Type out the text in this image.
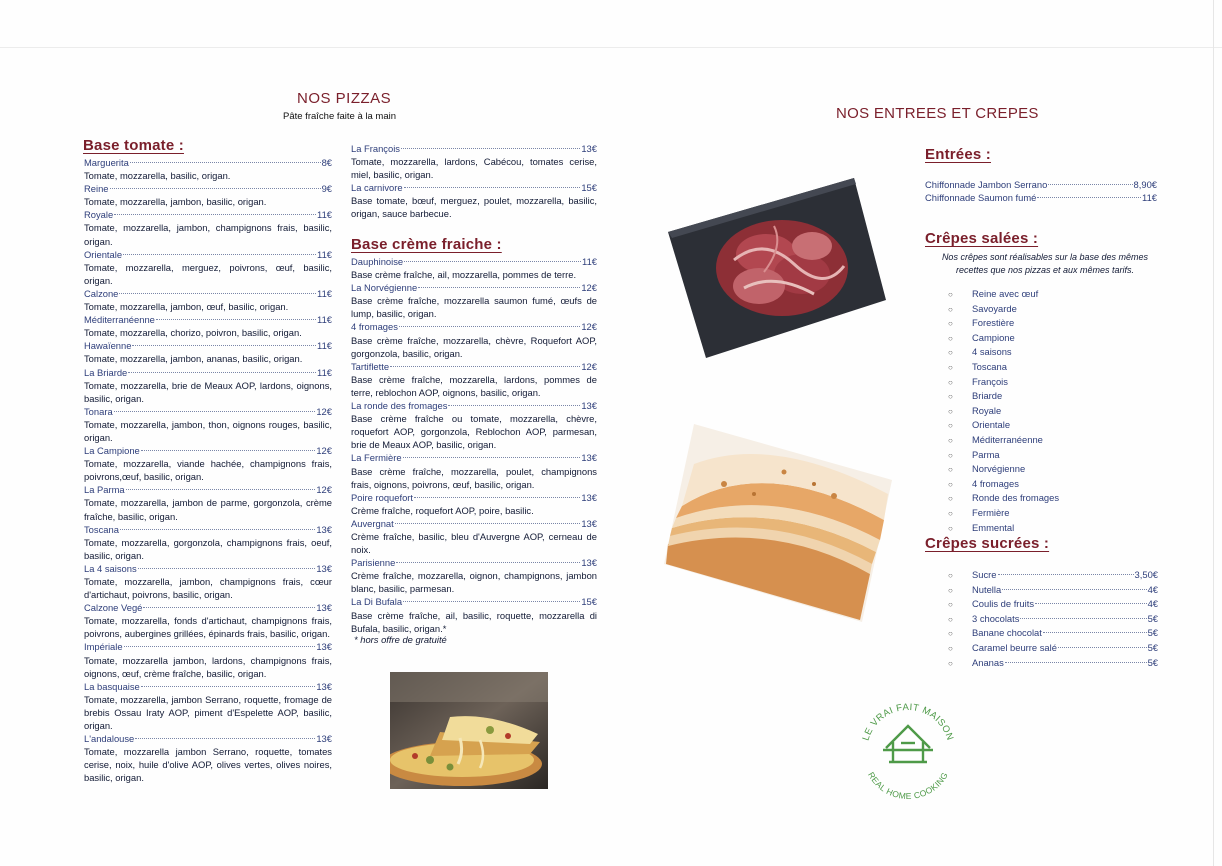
NOS PIZZAS
Pâte fraîche faite à la main
Base tomate :
Marguerita	8€
Tomate, mozzarella, basilic, origan.
Reine	9€
Tomate, mozzarella, jambon, basilic, origan.
Royale	11€
Tomate, mozzarella, jambon, champignons frais, basilic, origan.
Orientale	11€
Tomate, mozzarella, merguez, poivrons, œuf, basilic, origan.
Calzone	11€
Tomate, mozzarella, jambon, œuf, basilic, origan.
Méditerranéenne	11€
Tomate, mozzarella, chorizo, poivron, basilic, origan.
Hawaïenne	11€
Tomate, mozzarella, jambon, ananas, basilic, origan.
La Briarde	11€
Tomate, mozzarella, brie de Meaux AOP, lardons, oignons, basilic, origan.
Tonara	12€
Tomate, mozzarella, jambon, thon, oignons rouges, basilic, origan.
La Campione	12€
Tomate, mozzarella, viande hachée, champignons frais, poivrons,œuf, basilic, origan.
La Parma	12€
Tomate, mozzarella, jambon de parme, gorgonzola, crème fraîche, basilic, origan.
Toscana	13€
Tomate, mozzarella, gorgonzola, champignons frais, oeuf, basilic, origan.
La 4 saisons	13€
Tomate, mozzarella, jambon, champignons frais, cœur d'artichaut, poivrons, basilic, origan.
Calzone Vegé	13€
Tomate, mozzarella, fonds d'artichaut, champignons frais, poivrons, aubergines grillées, épinards frais, basilic, origan.
Impériale	13€
Tomate, mozzarella jambon, lardons, champignons frais, oignons, œuf, crème fraîche, basilic, origan.
La basquaise	13€
Tomate, mozzarella, jambon Serrano, roquette, fromage de brebis Ossau Iraty AOP, piment d'Espelette AOP, basilic, origan.
L'andalouse	13€
Tomate, mozzarella jambon Serrano, roquette, tomates cerise, noix, huile d'olive AOP, olives vertes, olives noires, basilic, origan.
La François	13€
Tomate, mozzarella, lardons, Cabécou, tomates cerise, miel, basilic, origan.
La carnivore	15€
Base tomate, bœuf, merguez, poulet, mozzarella, basilic, origan, sauce barbecue.
Base crème fraiche :
Dauphinoise	11€
Base crème fraîche, ail, mozzarella, pommes de terre.
La Norvégienne	12€
Base crème fraîche, mozzarella saumon fumé, œufs de lump, basilic, origan.
4 fromages	12€
Base crème fraîche, mozzarella, chèvre, Roquefort AOP, gorgonzola, basilic, origan.
Tartiflette	12€
Base crème fraîche, mozzarella, lardons, pommes de terre, reblochon AOP, oignons, basilic, origan.
La ronde des fromages	13€
Base crème fraîche ou tomate, mozzarella, chèvre, roquefort AOP, gorgonzola, Reblochon AOP, parmesan, brie de Meaux AOP, basilic, origan.
La Fermière	13€
Base crème fraîche, mozzarella, poulet, champignons frais, oignons, poivrons, œuf, basilic, origan.
Poire roquefort	13€
Crème fraîche, roquefort AOP, poire, basilic.
Auvergnat	13€
Crème fraîche, basilic, bleu d'Auvergne AOP, cerneau de noix.
Parisienne	13€
Crème fraîche, mozzarella, oignon, champignons, jambon blanc, basilic, parmesan.
La Di Bufala	15€
Base crème fraîche, ail, basilic, roquette, mozzarella di Bufala, basilic, origan.*
* hors offre de gratuité
NOS ENTREES ET CREPES
Entrées :
Chiffonnade Jambon Serrano	8,90€
Chiffonnade Saumon fumé	11€
Crêpes salées :
Nos crêpes sont réalisables sur la base des mêmes recettes que nos pizzas et aux mêmes tarifs.
○	Reine avec œuf
○	Savoyarde
○	Forestière
○	Campione
○	4 saisons
○	Toscana
○	François
○	Briarde
○	Royale
○	Orientale
○	Méditerranéenne
○	Parma
○	Norvégienne
○	4 fromages
○	Ronde des fromages
○	Fermière
○	Emmental
Crêpes sucrées :
○	Sucre	3,50€
○	Nutella	4€
○	Coulis de fruits	4€
○	3 chocolats	5€
○	Banane chocolat	5€
○	Caramel beurre salé	5€
○	Ananas	5€
LE VRAI FAIT MAISON
REAL HOME COOKING
